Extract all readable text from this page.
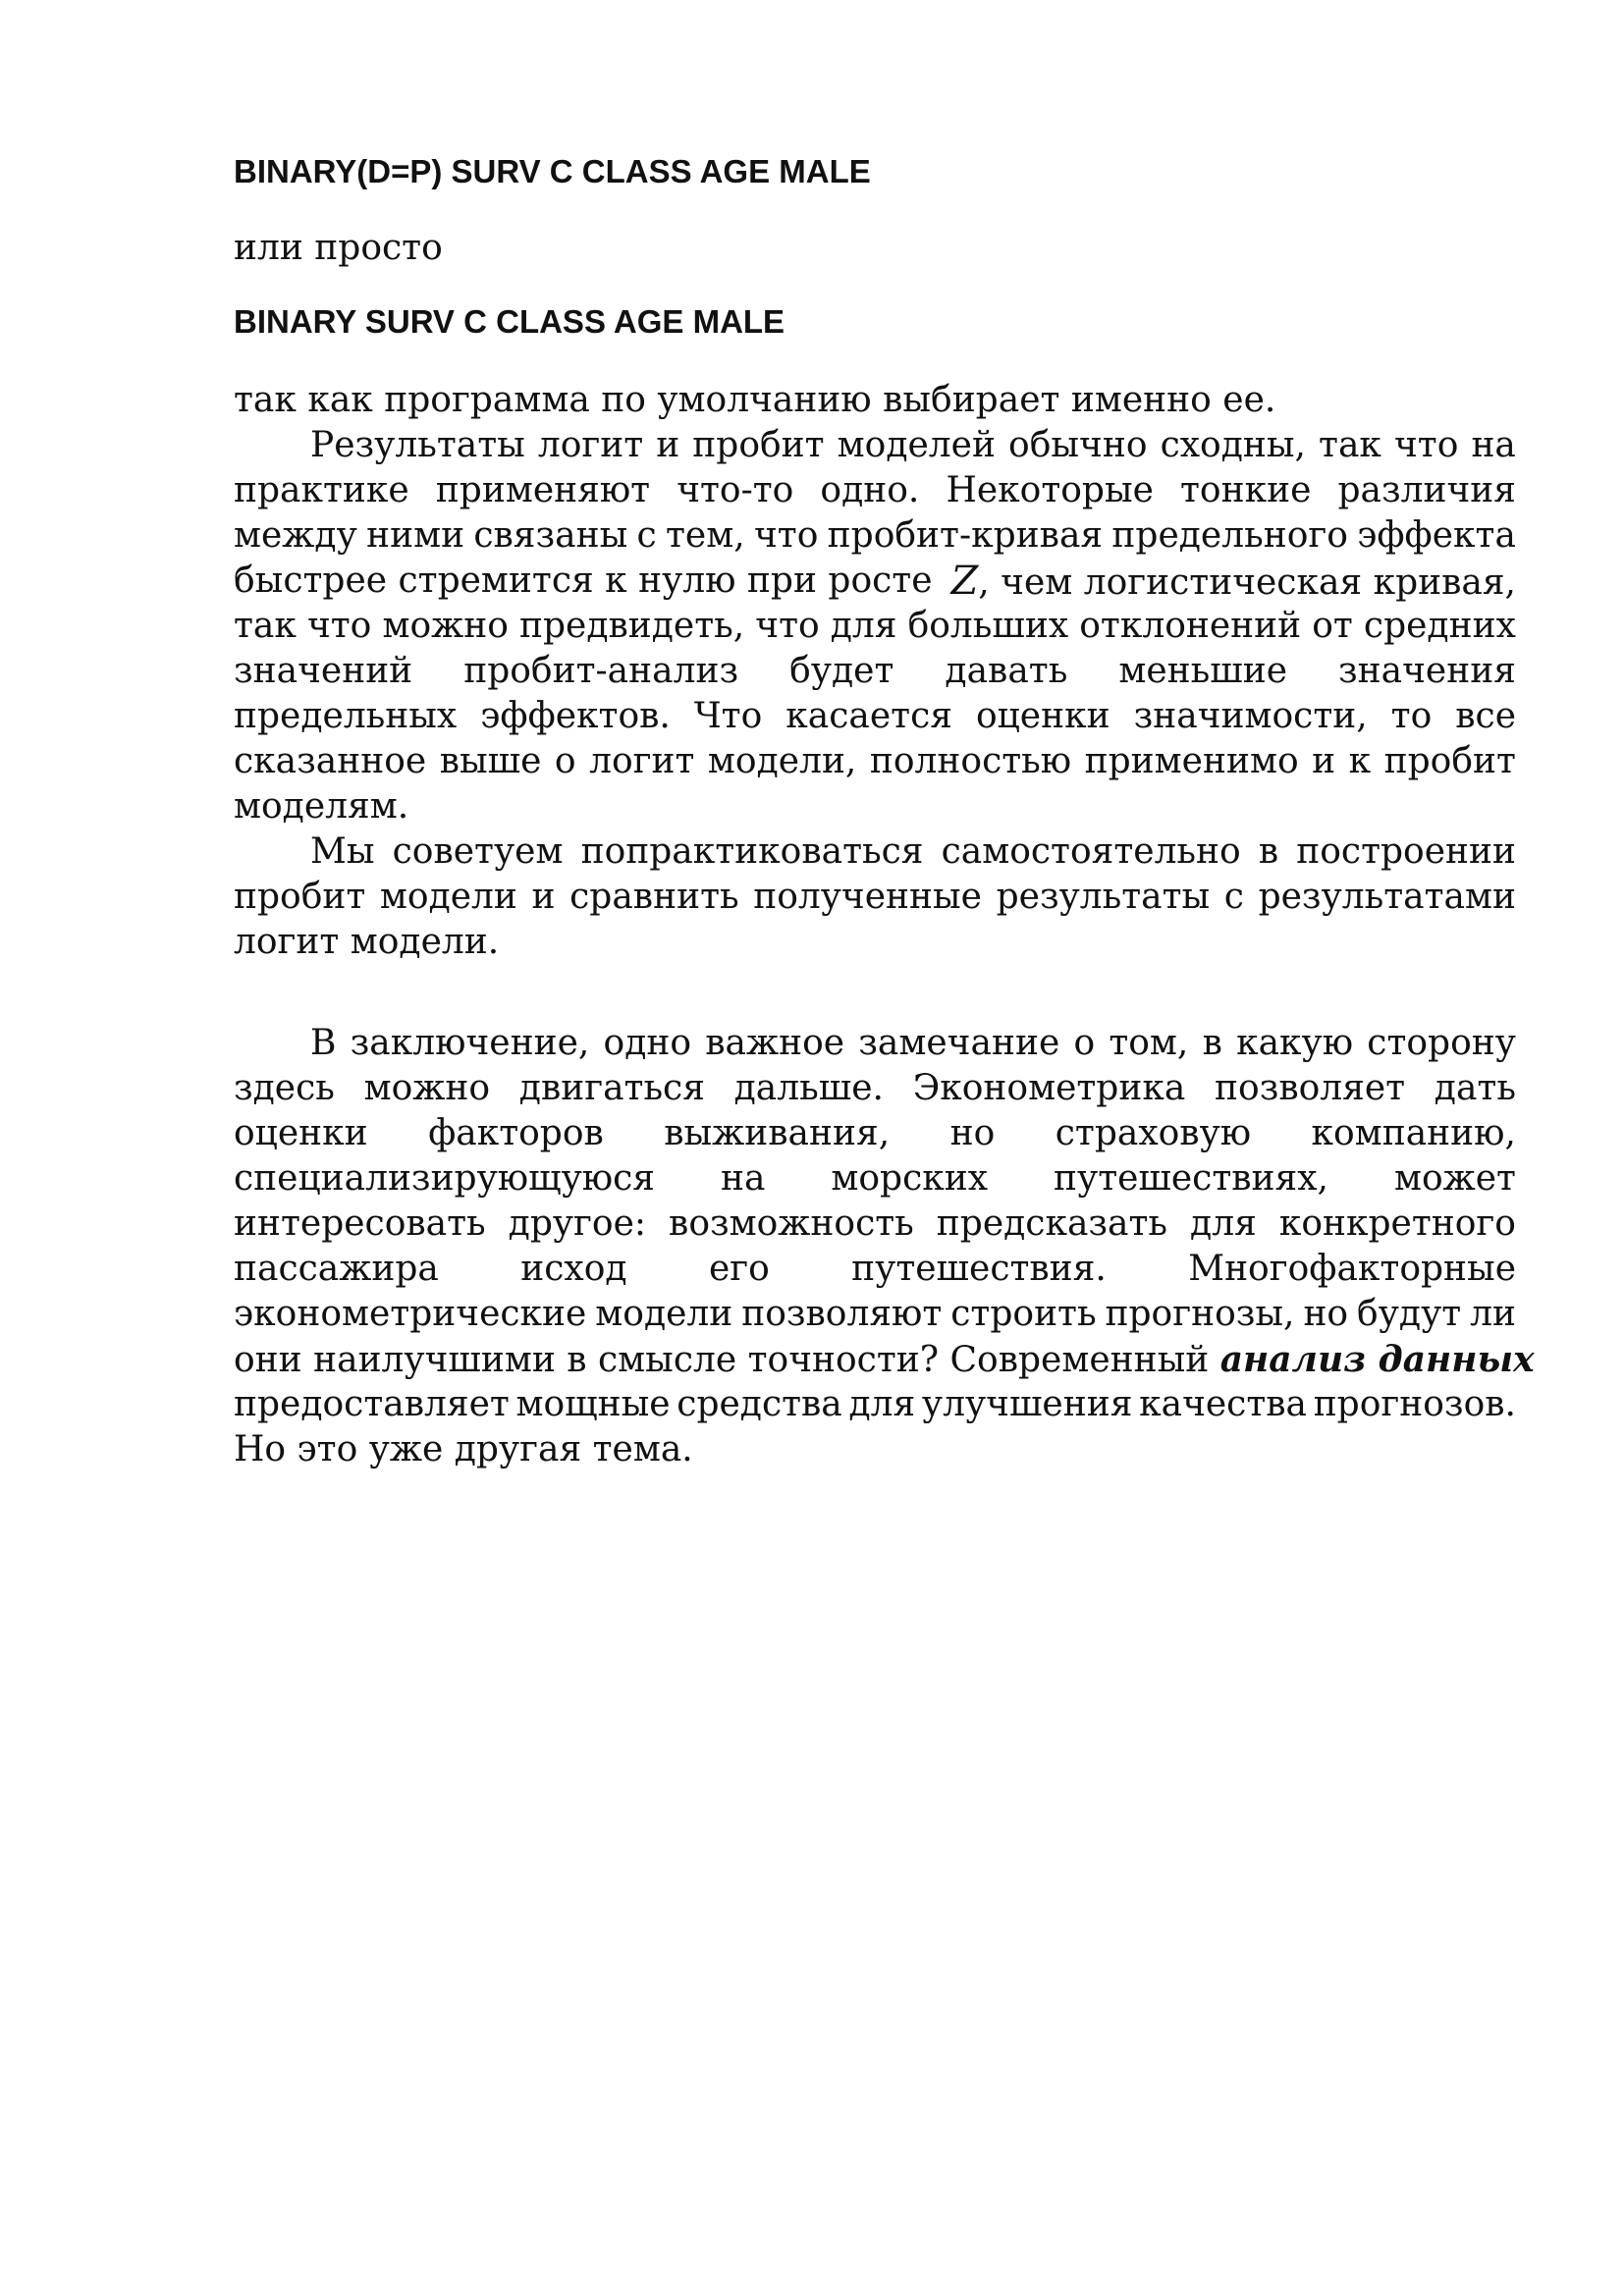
BINARY(D=P) SURV C CLASS AGE MALE

или просто

BINARY SURV C CLASS AGE MALE

так как программа по умолчанию выбирает именно ее.
Результаты логит и пробит моделей обычно сходны, так что на
практике применяют что-то одно. Некоторые тонкие различия
между ними связаны с тем, что пробит-кривая предельного эффекта
быстрее стремится к нулю при росте Z, чем логистическая кривая,
так что можно предвидеть, что для больших отклонений от средних
значений пробит-анализ будет давать меньшие значения
предельных эффектов. Что касается оценки значимости, то все
сказанное выше о логит модели, полностью применимо и к пробит
моделям.
Мы советуем попрактиковаться самостоятельно в построении
пробит модели и сравнить полученные результаты с результатами
логит модели.
В заключение, одно важное замечание о том, в какую сторону
здесь можно двигаться дальше. Эконометрика позволяет дать
оценки факторов выживания, но страховую компанию,
специализирующуюся на морских путешествиях, может
интересовать другое: возможность предсказать для конкретного
пассажира исход его путешествия. Многофакторные
эконометрические модели позволяют строить прогнозы, но будут ли
они наилучшими в смысле точности? Современный анализ данных
предоставляет мощные средства для улучшения качества прогнозов.
Но это уже другая тема.
